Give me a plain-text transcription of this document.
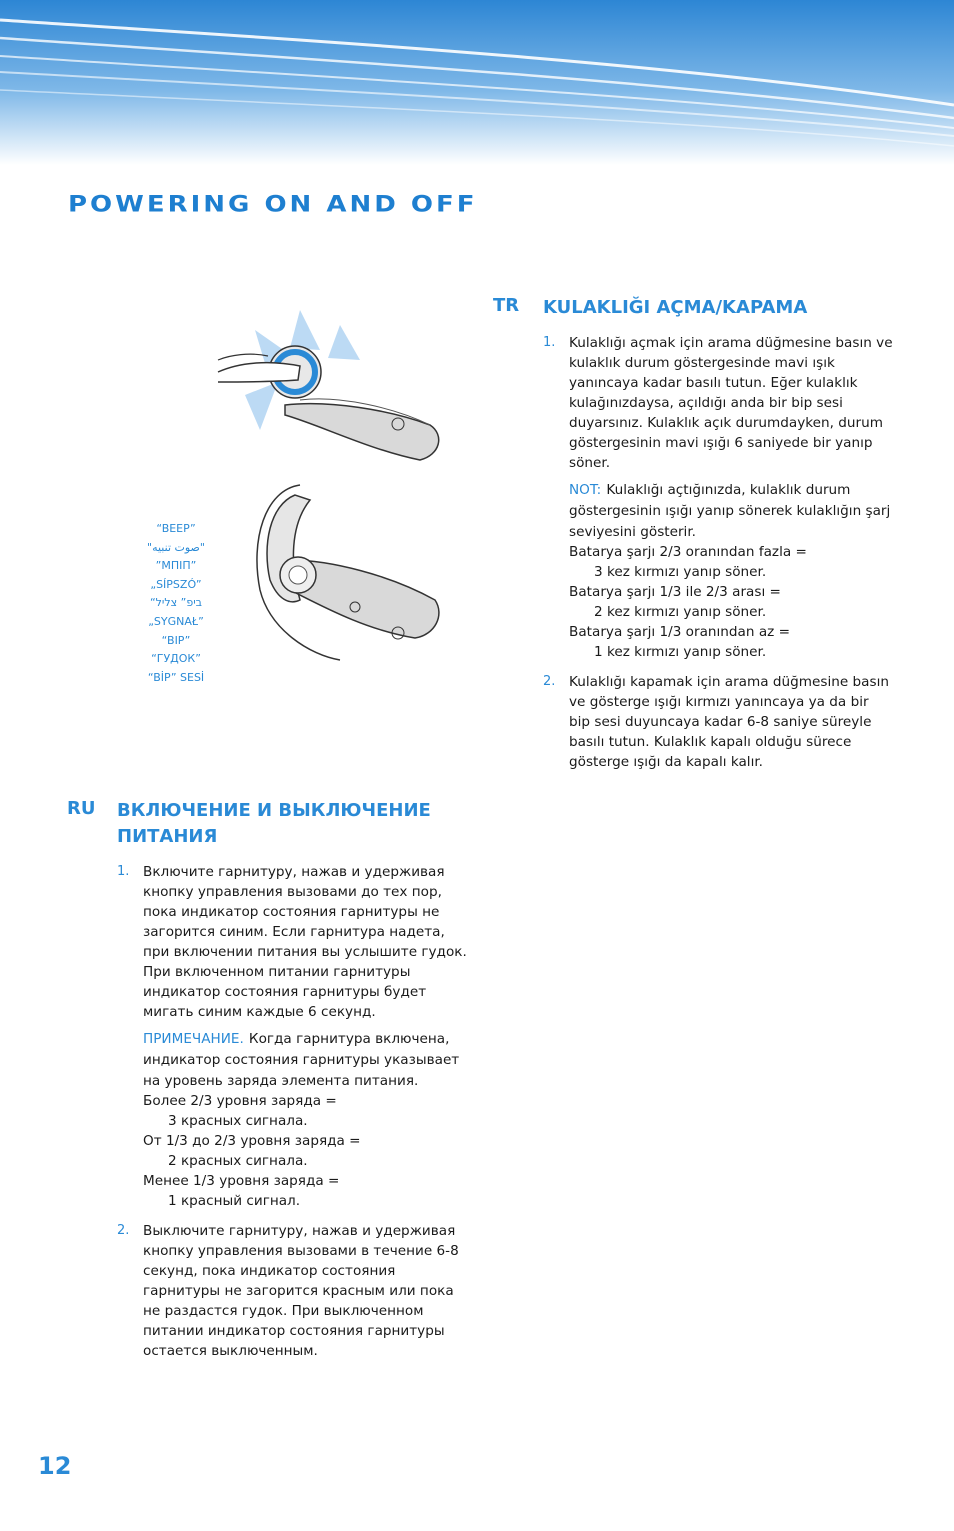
POWERING ON AND OFF
“BEEP”
"صوت تنبيه"
”МПІП”
„SÍPSZÓ”
“ביפ” צליל
„SYGNAŁ”
“BIP”
“ГУДОК”
“BİP” SESİ
TR KULAKLIĞI AÇMA/KAPAMA
1. Kulaklığı açmak için arama düğmesine basın ve kulaklık durum göstergesinde mavi ışık yanıncaya kadar basılı tutun. Eğer kulaklık kulağınızdaysa, açıldığı anda bir bip sesi duyarsınız. Kulaklık açık durumdayken, durum göstergesinin mavi ışığı 6 saniyede bir yanıp söner.
NOT: Kulaklığı açtığınızda, kulaklık durum göstergesinin ışığı yanıp sönerek kulaklığın şarj seviyesini gösterir.
Batarya şarjı 2/3 oranından fazla =
3 kez kırmızı yanıp söner.
Batarya şarjı 1/3 ile 2/3 arası =
2 kez kırmızı yanıp söner.
Batarya şarjı 1/3 oranından az =
1 kez kırmızı yanıp söner.
2. Kulaklığı kapamak için arama düğmesine basın ve gösterge ışığı kırmızı yanıncaya ya da bir bip sesi duyuncaya kadar 6-8 saniye süreyle basılı tutun. Kulaklık kapalı olduğu sürece gösterge ışığı da kapalı kalır.
RU ВКЛЮЧЕНИЕ И ВЫКЛЮЧЕНИЕ ПИТАНИЯ
1. Включите гарнитуру, нажав и удерживая кнопку управления вызовами до тех пор, пока индикатор состояния гарнитуры не загорится синим. Если гарнитура надета, при включении питания вы услышите гудок. При включенном питании гарнитуры индикатор состояния гарнитуры будет мигать синим каждые 6 секунд.
ПРИМЕЧАНИЕ. Когда гарнитура включена, индикатор состояния гарнитуры указывает на уровень заряда элемента питания.
Более 2/3 уровня заряда =
3 красных сигнала.
От 1/3 до 2/3 уровня заряда =
2 красных сигнала.
Менее 1/3 уровня заряда =
1 красный сигнал.
2. Выключите гарнитуру, нажав и удерживая кнопку управления вызовами в течение 6-8 секунд, пока индикатор состояния гарнитуры не загорится красным или пока не раздастся гудок. При выключенном питании индикатор состояния гарнитуры остается выключенным.
12
